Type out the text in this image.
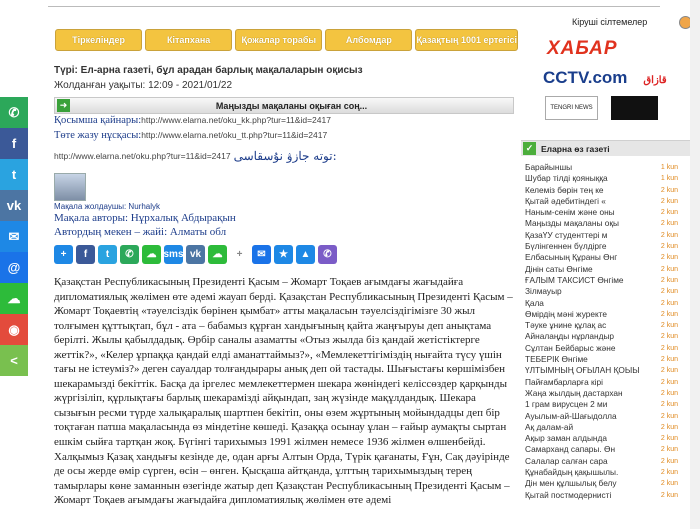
✆
f
t
vk
✉
@
☁
◉
<
Тіркеліндер	Кітапхана	Қожалар торабы	Албомдар	Қазақтың 1001 ертегісі
Түрі: Ел-арна газеті, бұл арадан барлық мақалаларын оқисыз
Жолданған уақыты: 12:09 - 2021/01/22
➜	Маңызды мақаланы оқыған соң...
Қосымша қайнары:http://www.elarna.net/oku_kk.php?tur=11&id=2417
Төте жазу нұсқасы:http://www.elarna.net/oku_tt.php?tur=11&id=2417
http://www.elarna.net/oku.php?tur=11&id=2417 توته جازۋ نۇسقاسى:
Мақала жолдаушы: Nurhalyk
Мақала авторы: Нұрхалық Абдырақын
Автордың мекен – жайі: Алматы обл
+	f	t	✆	☁ sms vk	☁	+	✉	★	▲	✆
Қазақстан Республикасының Президенті Қасым – Жомарт Тоқаев ағымдағы жағыдайға дипломатиялық жөлімен өте әдемі жауап берді. Қазақстан Республикасының Президенті Қасым – Жомарт Тоқаевтің «тәуелсіздік бөрінен қымбат» атты мақаласын тәуелсіздігімізге 30 жыл толғымен құттықтап, бұл - ата – бабамыз құрған хандығының қайта жаңғыруы деп анықтама берілті. Жылы қабылдадық. Өрбір саналы азаматты «Отыз жылда біз қандай жетістіктерге жеттік?», «Келер ұрпаққа қандай елді аманаттаймыз?», «Мемлекеттігіміздің нығайта түсу үшін тағы не істеуміз?» деген сауалдар толғандырары анық деп ой тастады. Шығыстағы көршімізбен шекарамызді бекіттік. Басқа да іргелес мемлекеттермен шекара жөніндегі келіссөздер қарқынды жүргізіліп, құрлықтағы барлық шекарамізді айқындап, заң жүзінде мақұлдандық. Шекара сызығын ресми түрде халықаралық шартпен бекітіп, оны өзем жұртының мойындадцы деп бір тоқтаған патша мақаласында өз міндетіне көшеді. Қазаққа осынау ұлан – ғайыр аумақты сыртан ешкім сыйға тартқан жоқ. Бүгінгі тарихымыз 1991 жілмен немесе 1936 жілмен өлшенбейді. Халқымыз Қазақ хандығы кезінде де, одан арғы Алтын Орда, Түрік қағанаты, Ғұн, Сақ дәуірінде де осы жерде өмір сүрген, өсін – өнген. Қысқаша айтқанда, ұлттың тарихымыздың терең тамырлары көне заманнын өзегінде жатыр деп Қазақстан Республикасының Президенті Қасым – Жомарт Тоқаев ағымдағы жағыдайға дипломатиялық жөлімен өте әдемі
Кіруші сілтемелер
ХАБАР
CCTV.com قازاق
TENGRI NEWS
✓ Еларна өз газеті
Барайыншы	1 kun
Шубар тілді қояныққа	1 kun
Келеміз бөрін тең ке	2 kun
Қытай әдебитіндегі «	2 kun
Наным-сенім және оны	2 kun
Маңызды мақаланы оқы	2 kun
ҚазаҮУ студенттері м	2 kun
Бүлінгеннен бүлдірге	2 kun
Елбасының Құраны Өнг	2 kun
Дінін саты Өнгіме	2 kun
ҒАЛЫМ ТАКСИСТ Өнгіме	2 kun
Зілмауыр	2 kun
Қала	2 kun
Өмірдің мәні журекте	2 kun
Тәуке ұнине құлақ ас	2 kun
Айналаңды нұрландыр	2 kun
Сұлтан Бейбарыс және	2 kun
ТЕБЕРІК Өнгіме	2 kun
ҮЛТЫМНЫҢ ОҒЫЛАН ҚОЫЫ	2 kun
Пайғамбарларға кірі	2 kun
Жаңа жылдың дастархан	2 kun
1 грам вирусцен 2 ми	2 kun
Ауылым-ай-Шағыдолла	2 kun
Ақ далам-ай	2 kun
Ақыр заман алдында	2 kun
Самарханд сапары. Өн	2 kun
Салалар салған сара	2 kun
Құнабайдың қақышылы.	2 kun
Дін мен құлшылық белу	2 kun
Қытай постмодернисті	2 kun
